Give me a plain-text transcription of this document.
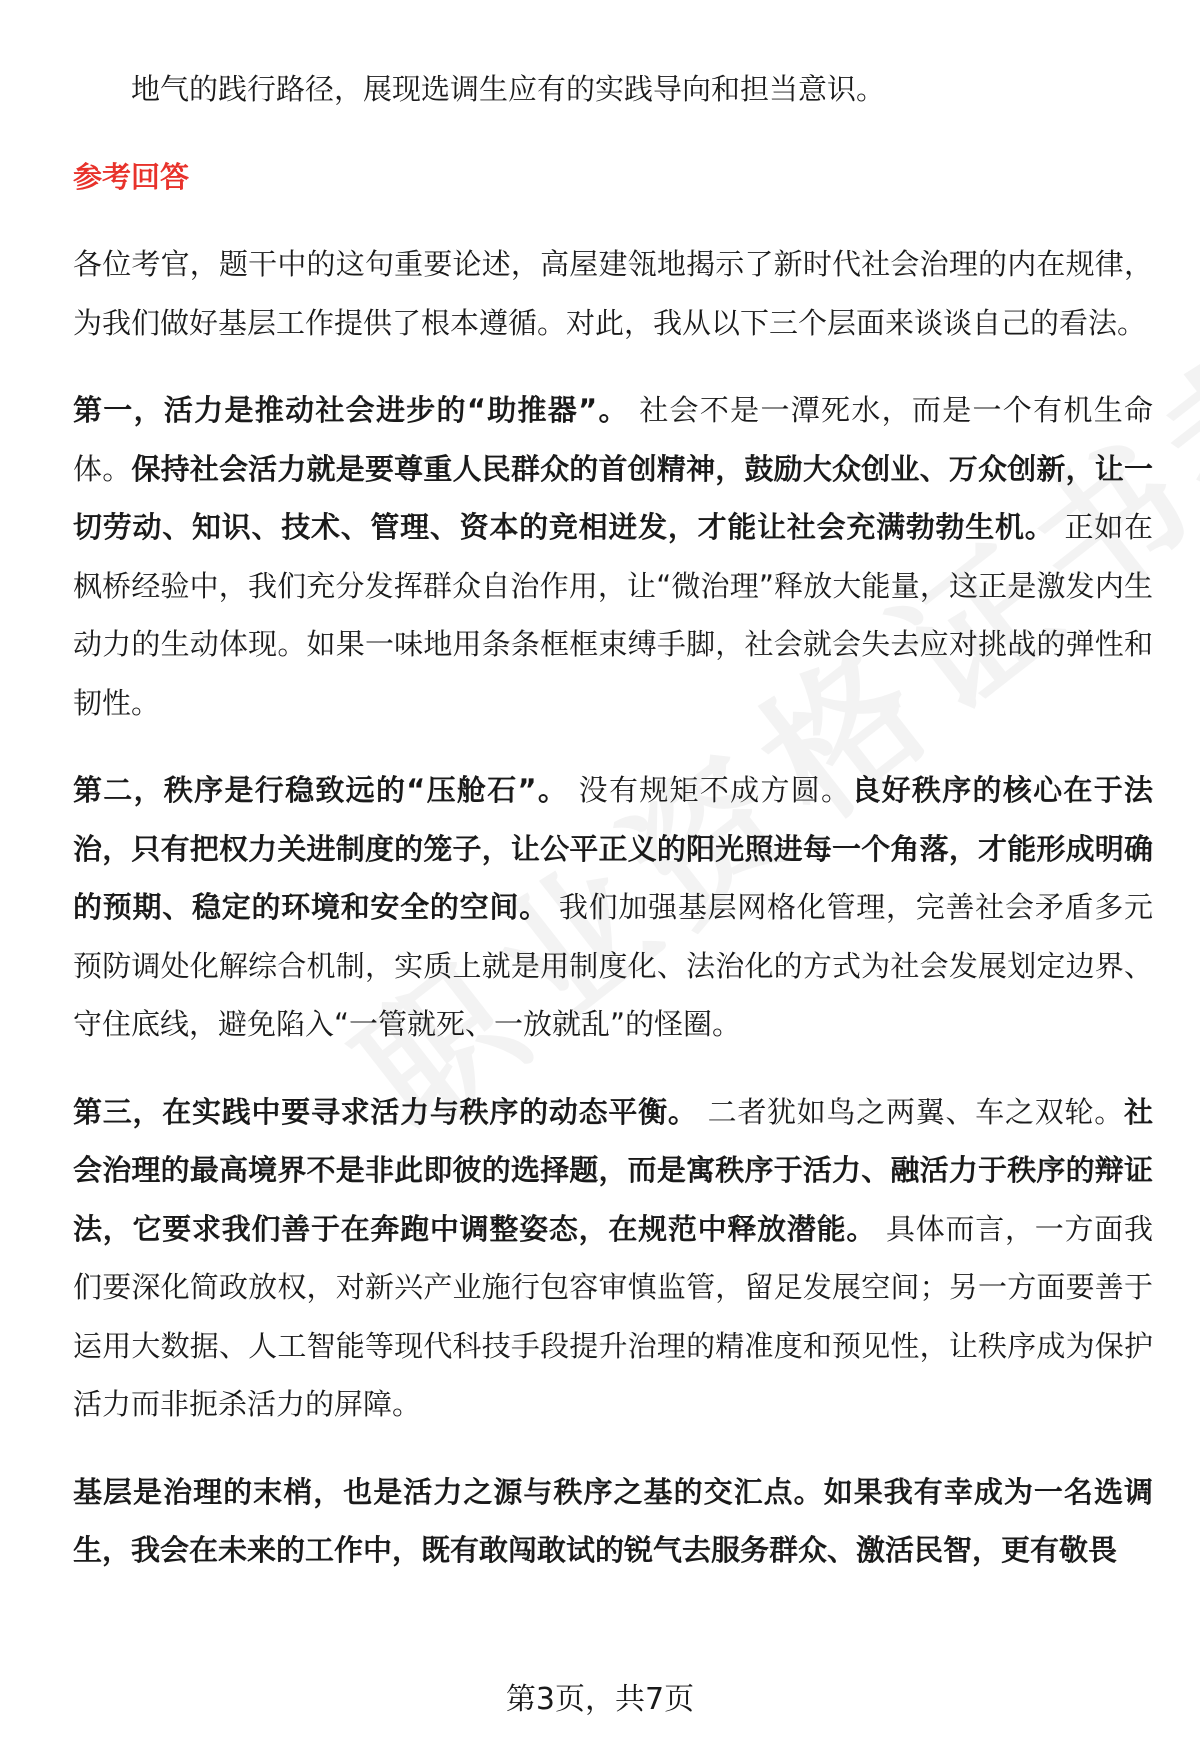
地气的践行路径，展现选调生应有的实践导向和担当意识。

参考回答

各位考官，题干中的这句重要论述，高屋建瓴地揭示了新时代社会治理的内在规律，为我们做好基层工作提供了根本遵循。对此，我从以下三个层面来谈谈自己的看法。

第一，活力是推动社会进步的“助推器”。 社会不是一潭死水，而是一个有机生命体。保持社会活力就是要尊重人民群众的首创精神，鼓励大众创业、万众创新，让一切劳动、知识、技术、管理、资本的竞相迸发，才能让社会充满勃勃生机。 正如在枫桥经验中，我们充分发挥群众自治作用，让“微治理”释放大能量，这正是激发内生动力的生动体现。如果一味地用条条框框束缚手脚，社会就会失去应对挑战的弹性和韧性。

第二，秩序是行稳致远的“压舱石”。 没有规矩不成方圆。良好秩序的核心在于法治，只有把权力关进制度的笼子，让公平正义的阳光照进每一个角落，才能形成明确的预期、稳定的环境和安全的空间。 我们加强基层网格化管理，完善社会矛盾多元预防调处化解综合机制，实质上就是用制度化、法治化的方式为社会发展划定边界、守住底线，避免陷入“一管就死、一放就乱”的怪圈。

第三，在实践中要寻求活力与秩序的动态平衡。 二者犹如鸟之两翼、车之双轮。社会治理的最高境界不是非此即彼的选择题，而是寓秩序于活力、融活力于秩序的辩证法，它要求我们善于在奔跑中调整姿态，在规范中释放潜能。 具体而言，一方面我们要深化简政放权，对新兴产业施行包容审慎监管，留足发展空间；另一方面要善于运用大数据、人工智能等现代科技手段提升治理的精准度和预见性，让秩序成为保护活力而非扼杀活力的屏障。

基层是治理的末梢，也是活力之源与秩序之基的交汇点。如果我有幸成为一名选调生，我会在未来的工作中，既有敢闯敢试的锐气去服务群众、激活民智，更有敬畏

第3页，共7页
